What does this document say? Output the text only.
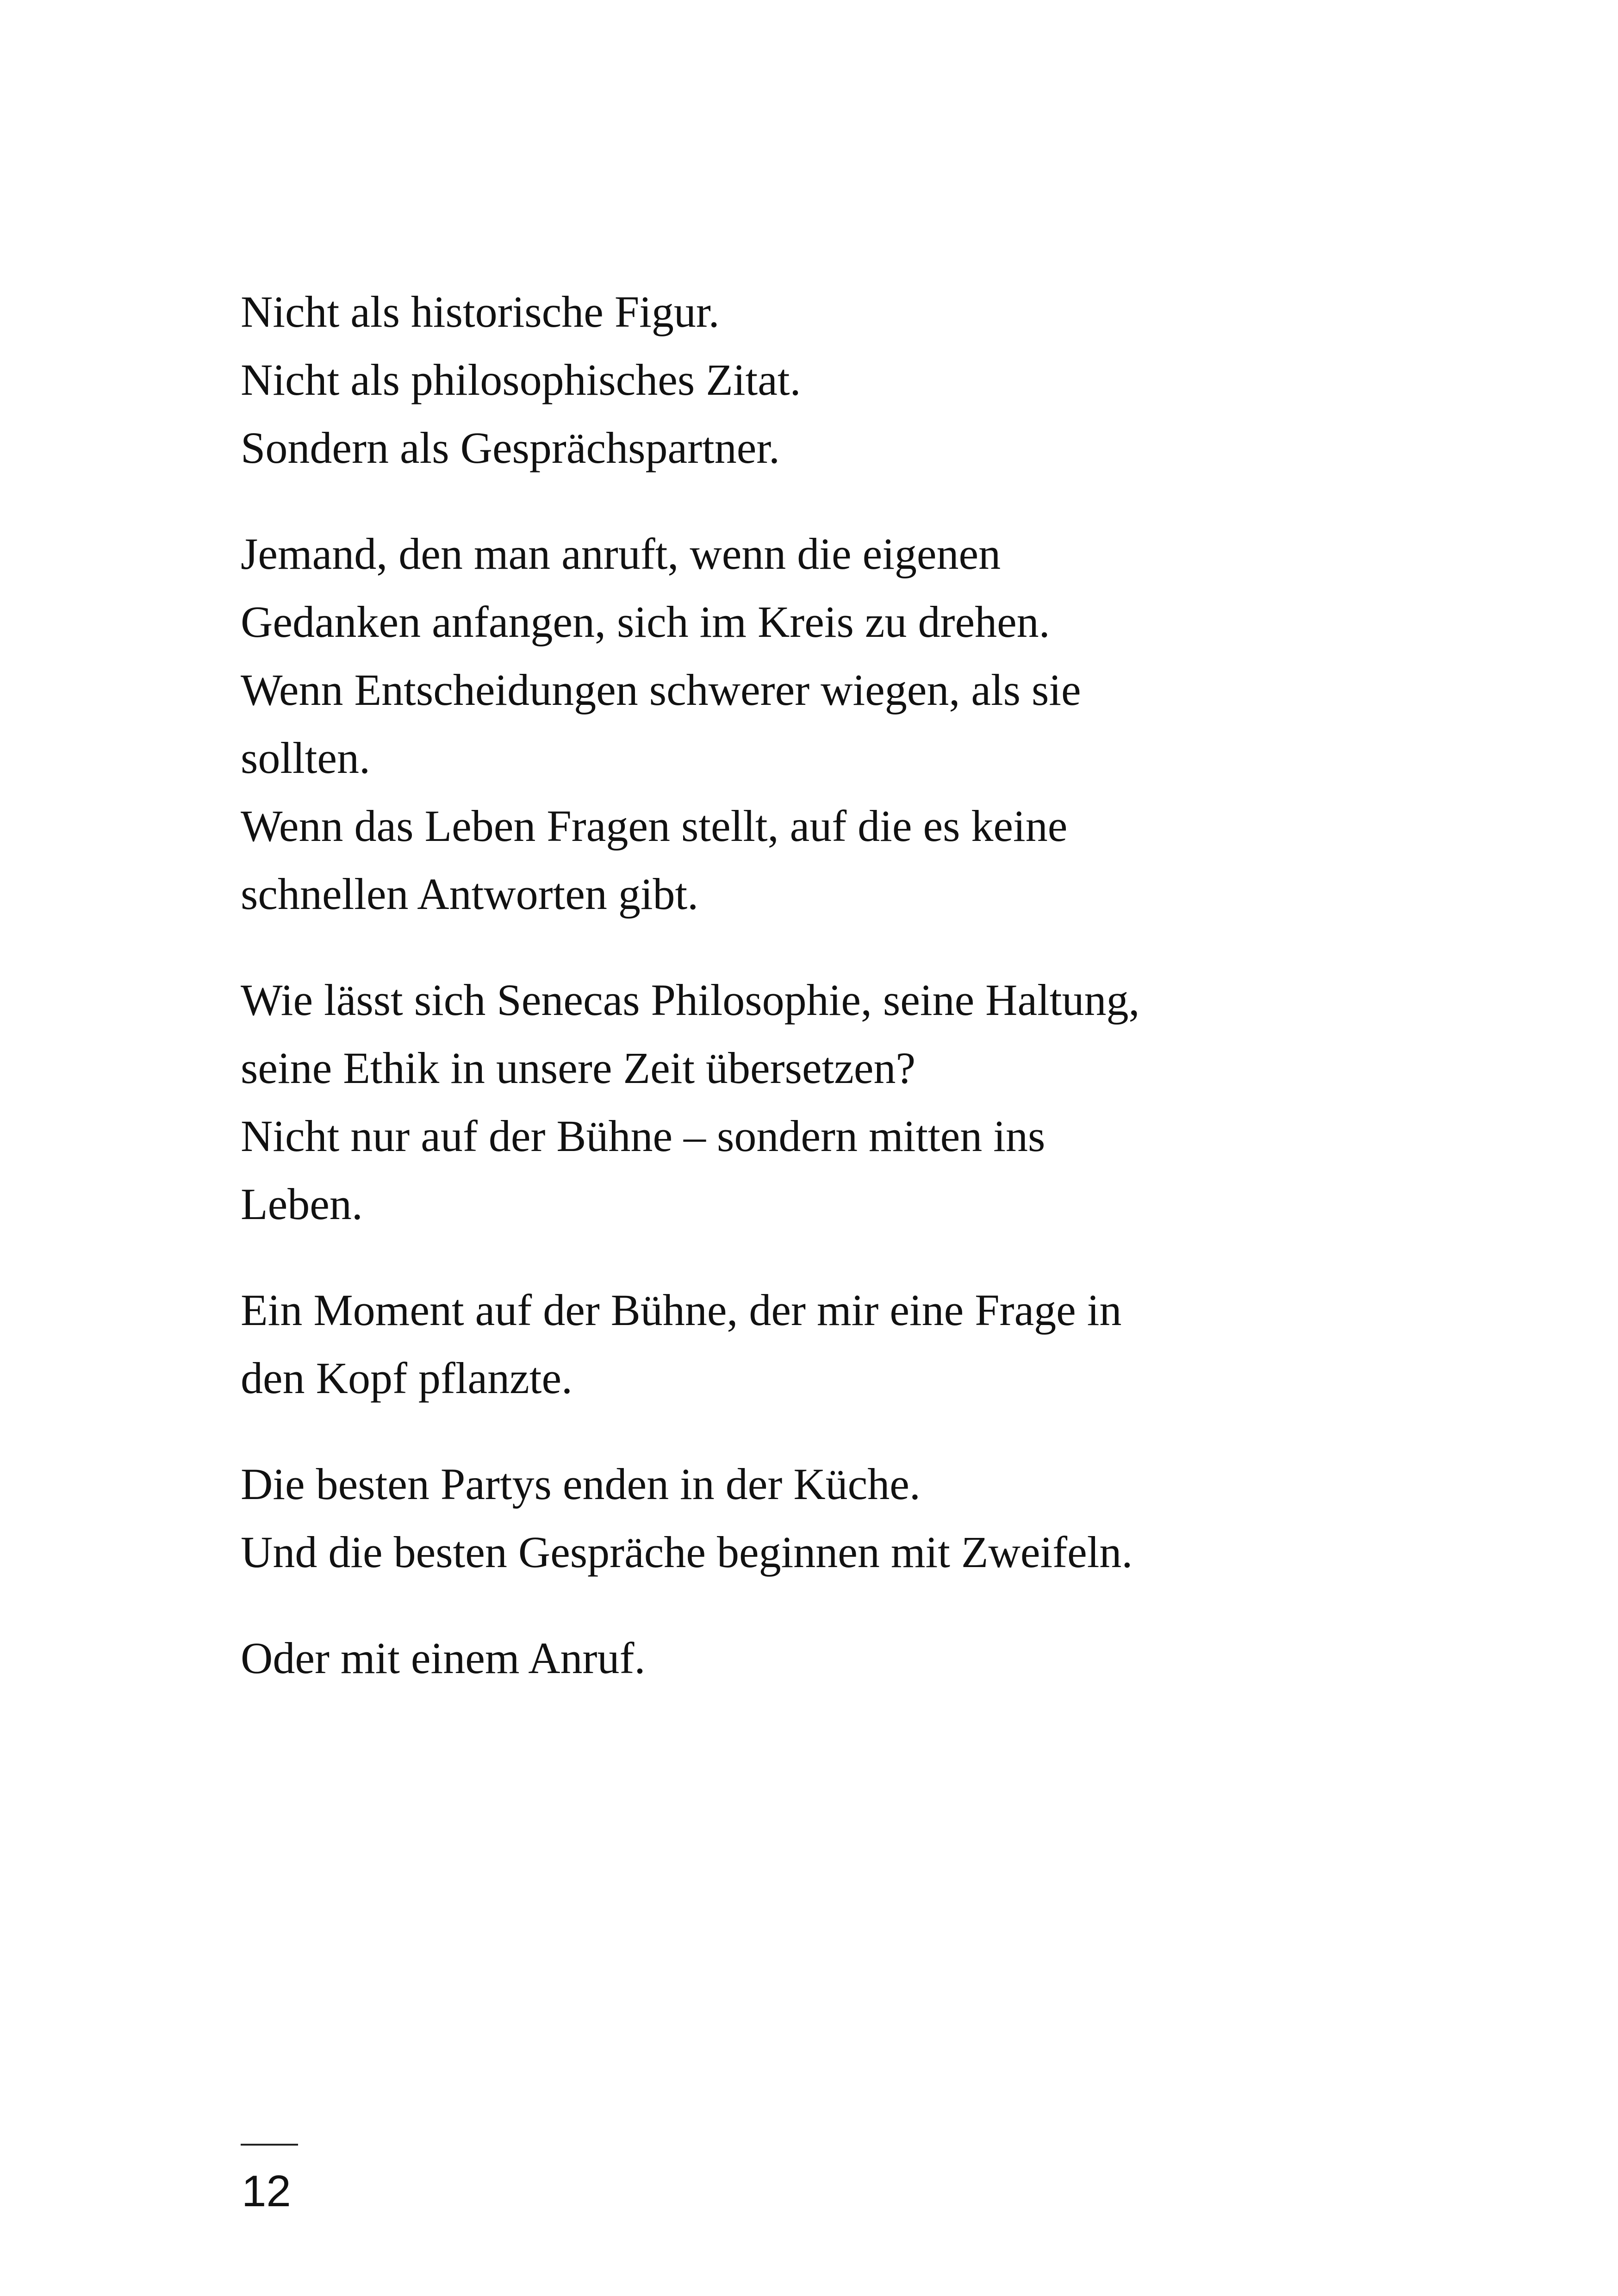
Nicht als historische Figur.
Nicht als philosophisches Zitat.
Sondern als Gesprächspartner.

Jemand, den man anruft, wenn die eigenen
Gedanken anfangen, sich im Kreis zu drehen.
Wenn Entscheidungen schwerer wiegen, als sie
sollten.
Wenn das Leben Fragen stellt, auf die es keine
schnellen Antworten gibt.

Wie lässt sich Senecas Philosophie, seine Haltung,
seine Ethik in unsere Zeit übersetzen?
Nicht nur auf der Bühne – sondern mitten ins
Leben.

Ein Moment auf der Bühne, der mir eine Frage in
den Kopf pflanzte.

Die besten Partys enden in der Küche.
Und die besten Gespräche beginnen mit Zweifeln.

Oder mit einem Anruf.

12
